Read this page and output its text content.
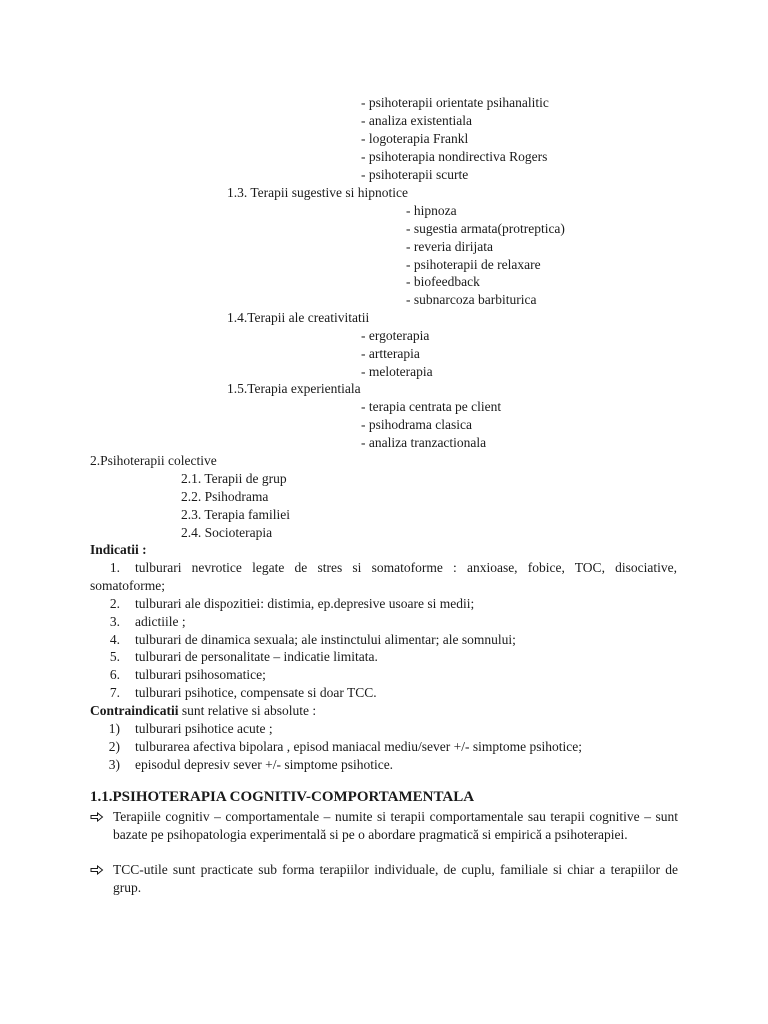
- psihoterapii orientate psihanalitic
- analiza existentiala
- logoterapia Frankl
- psihoterapia nondirectiva Rogers
- psihoterapii scurte
1.3. Terapii sugestive si hipnotice
- hipnoza
- sugestia armata(protreptica)
- reveria dirijata
- psihoterapii de relaxare
- biofeedback
- subnarcoza barbiturica
1.4.Terapii ale creativitatii
- ergoterapia
- artterapia
- meloterapia
1.5.Terapia experientiala
- terapia centrata pe client
- psihodrama clasica
- analiza tranzactionala
2.Psihoterapii colective
2.1. Terapii de grup
2.2. Psihodrama
2.3. Terapia familiei
2.4. Socioterapia
Indicatii :
1. tulburari nevrotice legate de stres si somatoforme : anxioase, fobice, TOC, disociative,
somatoforme;
2. tulburari ale dispozitiei: distimia, ep.depresive usoare si medii;
3. adictiile ;
4. tulburari de dinamica sexuala; ale instinctului alimentar; ale somnului;
5. tulburari de personalitate – indicatie limitata.
6. tulburari psihosomatice;
7. tulburari psihotice, compensate si doar TCC.
Contraindicatii sunt relative si absolute :
1) tulburari psihotice acute ;
2) tulburarea afectiva bipolara , episod maniacal mediu/sever +/- simptome psihotice;
3) episodul depresiv sever +/- simptome psihotice.
1.1.PSIHOTERAPIA COGNITIV-COMPORTAMENTALA
Terapiile cognitiv – comportamentale – numite si terapii comportamentale sau terapii cognitive – sunt bazate pe psihopatologia experimentală si pe o abordare pragmatică si empirică a psihoterapiei.
TCC-utile sunt practicate sub forma terapiilor individuale, de cuplu, familiale si chiar a terapiilor de grup.
